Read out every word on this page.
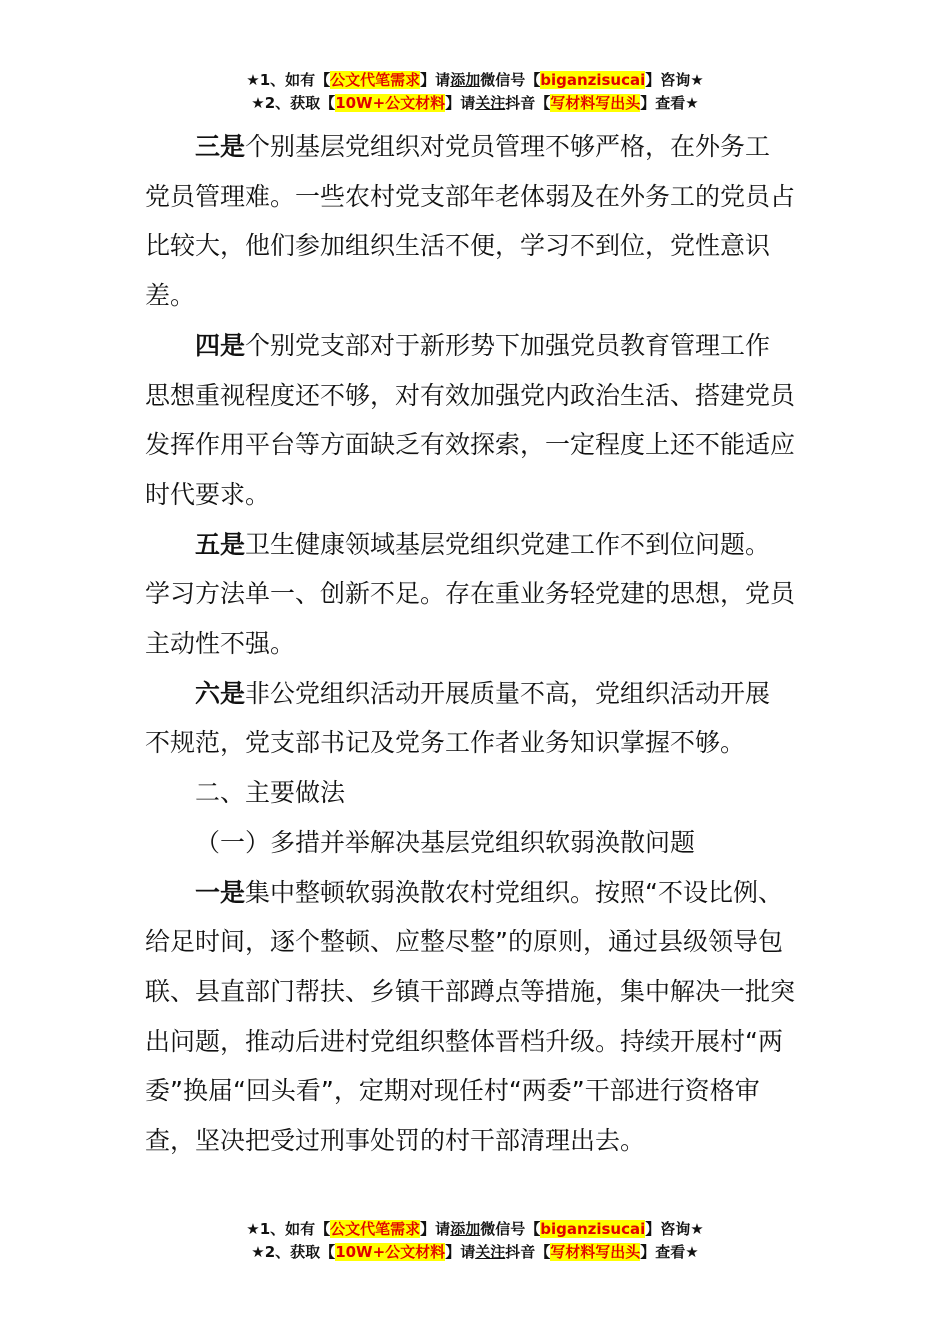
★1、如有【公文代笔需求】请添加微信号【biganzisucai】咨询★
★2、获取【10W+公文材料】请关注抖音【写材料写出头】查看★

三是个别基层党组织对党员管理不够严格，在外务工党员管理难。一些农村党支部年老体弱及在外务工的党员占比较大，他们参加组织生活不便，学习不到位，党性意识差。

四是个别党支部对于新形势下加强党员教育管理工作思想重视程度还不够，对有效加强党内政治生活、搭建党员发挥作用平台等方面缺乏有效探索，一定程度上还不能适应时代要求。

五是卫生健康领域基层党组织党建工作不到位问题。学习方法单一、创新不足。存在重业务轻党建的思想，党员主动性不强。

六是非公党组织活动开展质量不高，党组织活动开展不规范，党支部书记及党务工作者业务知识掌握不够。

二、主要做法

（一）多措并举解决基层党组织软弱涣散问题

一是集中整顿软弱涣散农村党组织。按照“不设比例、给足时间，逐个整顿、应整尽整”的原则，通过县级领导包联、县直部门帮扶、乡镇干部蹲点等措施，集中解决一批突出问题，推动后进村党组织整体晋档升级。持续开展村“两委”换届“回头看”，定期对现任村“两委”干部进行资格审查，坚决把受过刑事处罚的村干部清理出去。

★1、如有【公文代笔需求】请添加微信号【biganzisucai】咨询★
★2、获取【10W+公文材料】请关注抖音【写材料写出头】查看★
